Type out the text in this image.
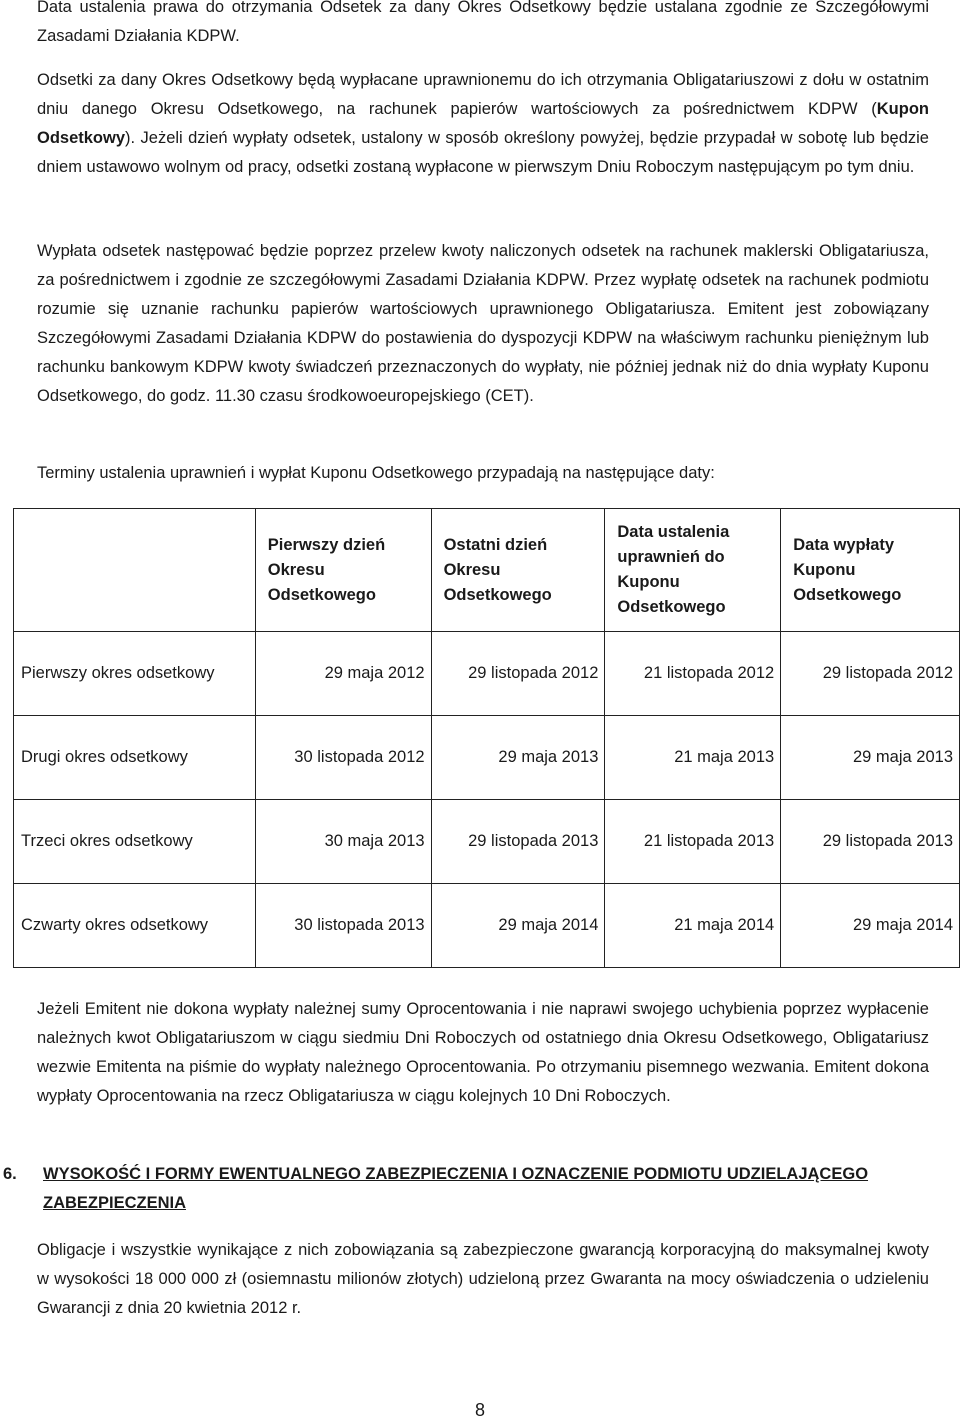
Data ustalenia prawa do otrzymania Odsetek za dany Okres Odsetkowy będzie ustalana zgodnie ze Szczegółowymi Zasadami Działania KDPW.

Odsetki za dany Okres Odsetkowy będą wypłacane uprawnionemu do ich otrzymania Obligatariuszowi z dołu w ostatnim dniu danego Okresu Odsetkowego, na rachunek papierów wartościowych za pośrednictwem KDPW (Kupon Odsetkowy). Jeżeli dzień wypłaty odsetek, ustalony w sposób określony powyżej, będzie przypadał w sobotę lub będzie dniem ustawowo wolnym od pracy, odsetki zostaną wypłacone w pierwszym Dniu Roboczym następującym po tym dniu.

Wypłata odsetek następować będzie poprzez przelew kwoty naliczonych odsetek na rachunek maklerski Obligatariusza, za pośrednictwem i zgodnie ze szczegółowymi Zasadami Działania KDPW. Przez wypłatę odsetek na rachunek podmiotu rozumie się uznanie rachunku papierów wartościowych uprawnionego Obligatariusza. Emitent jest zobowiązany Szczegółowymi Zasadami Działania KDPW do postawienia do dyspozycji KDPW na właściwym rachunku pieniężnym lub rachunku bankowym KDPW kwoty świadczeń przeznaczonych do wypłaty, nie później jednak niż do dnia wypłaty Kuponu Odsetkowego, do godz. 11.30 czasu środkowoeuropejskiego (CET).

Terminy ustalenia uprawnień i wypłat Kuponu Odsetkowego przypadają na następujące daty:

Jeżeli Emitent nie dokona wypłaty należnej sumy Oprocentowania i nie naprawi swojego uchybienia poprzez wypłacenie należnych kwot Obligatariuszom w ciągu siedmiu Dni Roboczych od ostatniego dnia Okresu Odsetkowego, Obligatariusz wezwie Emitenta na piśmie do wypłaty należnego Oprocentowania. Po otrzymaniu pisemnego wezwania. Emitent dokona wypłaty Oprocentowania na rzecz Obligatariusza w ciągu kolejnych 10 Dni Roboczych.

Obligacje i wszystkie wynikające z nich zobowiązania są zabezpieczone gwarancją korporacyjną do maksymalnej kwoty w wysokości 18 000 000 zł (osiemnastu milionów złotych) udzieloną przez Gwaranta na mocy oświadczenia o udzieleniu Gwarancji z dnia 20 kwietnia 2012 r.

	Pierwszy dzień Okresu Odsetkowego	Ostatni dzień Okresu Odsetkowego	Data ustalenia uprawnień do Kuponu Odsetkowego	Data wypłaty Kuponu Odsetkowego
Pierwszy okres odsetkowy	29 maja 2012	29 listopada 2012	21 listopada 2012	29 listopada 2012
Drugi okres odsetkowy	30 listopada 2012	29 maja 2013	21 maja 2013	29 maja 2013
Trzeci okres odsetkowy	30 maja 2013	29 listopada 2013	21 listopada 2013	29 listopada 2013
Czwarty okres odsetkowy	30 listopada 2013	29 maja 2014	21 maja 2014	29 maja 2014
6. WYSOKOŚĆ I FORMY EWENTUALNEGO ZABEZPIECZENIA I OZNACZENIE PODMIOTU UDZIELAJĄCEGO ZABEZPIECZENIA
8
